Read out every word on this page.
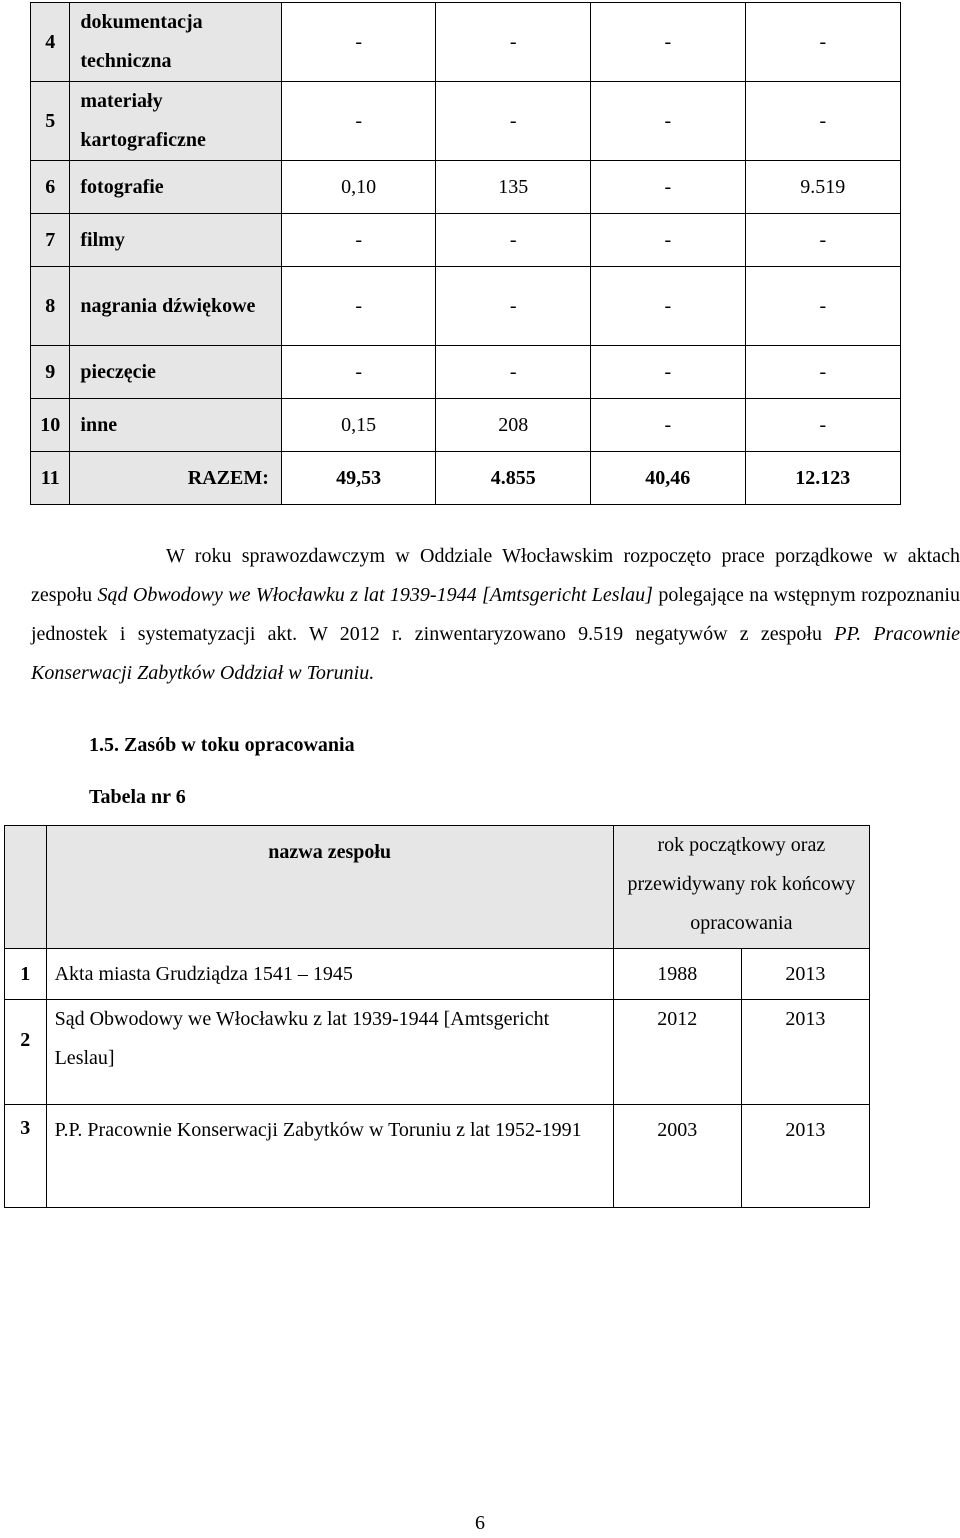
4	dokumentacja techniczna	-	-	-	-
5	materiały kartograficzne	-	-	-	-
6	fotografie	0,10	135	-	9.519
7	filmy	-	-	-	-
8	nagrania dźwiękowe	-	-	-	-
9	pieczęcie	-	-	-	-
10	inne	0,15	208	-	-
11	RAZEM:	49,53	4.855	40,46	12.123
W roku sprawozdawczym w Oddziale Włocławskim rozpoczęto prace porządkowe w aktach zespołu Sąd Obwodowy we Włocławku z lat 1939-1944 [Amtsgericht Leslau] polegające na wstępnym rozpoznaniu jednostek i systematyzacji akt. W 2012 r. zinwentaryzowano 9.519 negatywów z zespołu PP. Pracownie Konserwacji Zabytków Oddział w Toruniu.
1.5. Zasób w toku opracowania
Tabela nr 6
	nazwa zespołu	rok początkowy oraz przewidywany rok końcowy opracowania	
1	Akta miasta Grudziądza 1541 – 1945	1988	2013
2	Sąd Obwodowy we Włocławku z lat 1939-1944 [Amtsgericht Leslau]	2012	2013
3	P.P. Pracownie Konserwacji Zabytków w Toruniu z lat 1952-1991	2003	2013
6
